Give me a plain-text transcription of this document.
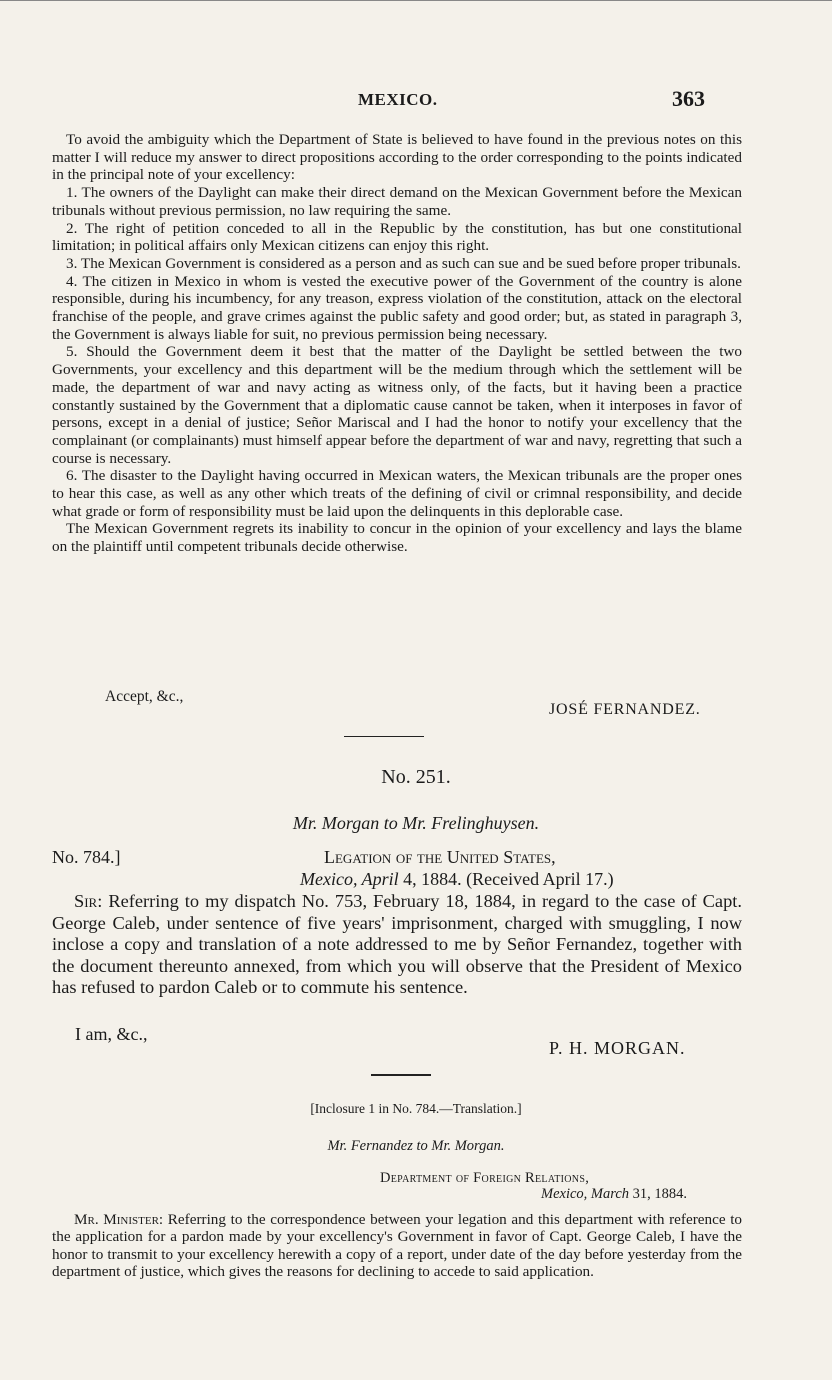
MEXICO.	363

To avoid the ambiguity which the Department of State is believed to have found in the previous notes on this matter I will reduce my answer to direct propositions according to the order corresponding to the points indicated in the principal note of your excellency:

1. The owners of the Daylight can make their direct demand on the Mexican Government before the Mexican tribunals without previous permission, no law requiring the same.

2. The right of petition conceded to all in the Republic by the constitution, has but one constitutional limitation; in political affairs only Mexican citizens can enjoy this right.

3. The Mexican Government is considered as a person and as such can sue and be sued before proper tribunals.

4. The citizen in Mexico in whom is vested the executive power of the Government of the country is alone responsible, during his incumbency, for any treason, express violation of the constitution, attack on the electoral franchise of the people, and grave crimes against the public safety and good order; but, as stated in paragraph 3, the Government is always liable for suit, no previous permission being necessary.

5. Should the Government deem it best that the matter of the Daylight be settled between the two Governments, your excellency and this department will be the medium through which the settlement will be made, the department of war and navy acting as witness only, of the facts, but it having been a practice constantly sustained by the Government that a diplomatic cause cannot be taken, when it interposes in favor of persons, except in a denial of justice; Señor Mariscal and I had the honor to notify your excellency that the complainant (or complainants) must himself appear before the department of war and navy, regretting that such a course is necessary.

6. The disaster to the Daylight having occurred in Mexican waters, the Mexican tribunals are the proper ones to hear this case, as well as any other which treats of the defining of civil or crimnal responsibility, and decide what grade or form of responsibility must be laid upon the delinquents in this deplorable case.

The Mexican Government regrets its inability to concur in the opinion of your excellency and lays the blame on the plaintiff until competent tribunals decide otherwise.

Accept, &c.,
JOSÉ FERNANDEZ.
No. 251.
Mr. Morgan to Mr. Frelinghuysen.
No. 784.]	Legation of the United States,
Mexico, April 4, 1884. (Received April 17.)

Sir: Referring to my dispatch No. 753, February 18, 1884, in regard to the case of Capt. George Caleb, under sentence of five years' imprisonment, charged with smuggling, I now inclose a copy and translation of a note addressed to me by Señor Fernandez, together with the document thereunto annexed, from which you will observe that the President of Mexico has refused to pardon Caleb or to commute his sentence.

I am, &c.,
P. H. MORGAN.
[Inclosure 1 in No. 784.—Translation.]
Mr. Fernandez to Mr. Morgan.
Department of Foreign Relations,
Mexico, March 31, 1884.

Mr. Minister: Referring to the correspondence between your legation and this department with reference to the application for a pardon made by your excellency's Government in favor of Capt. George Caleb, I have the honor to transmit to your excellency herewith a copy of a report, under date of the day before yesterday from the department of justice, which gives the reasons for declining to accede to said application.
